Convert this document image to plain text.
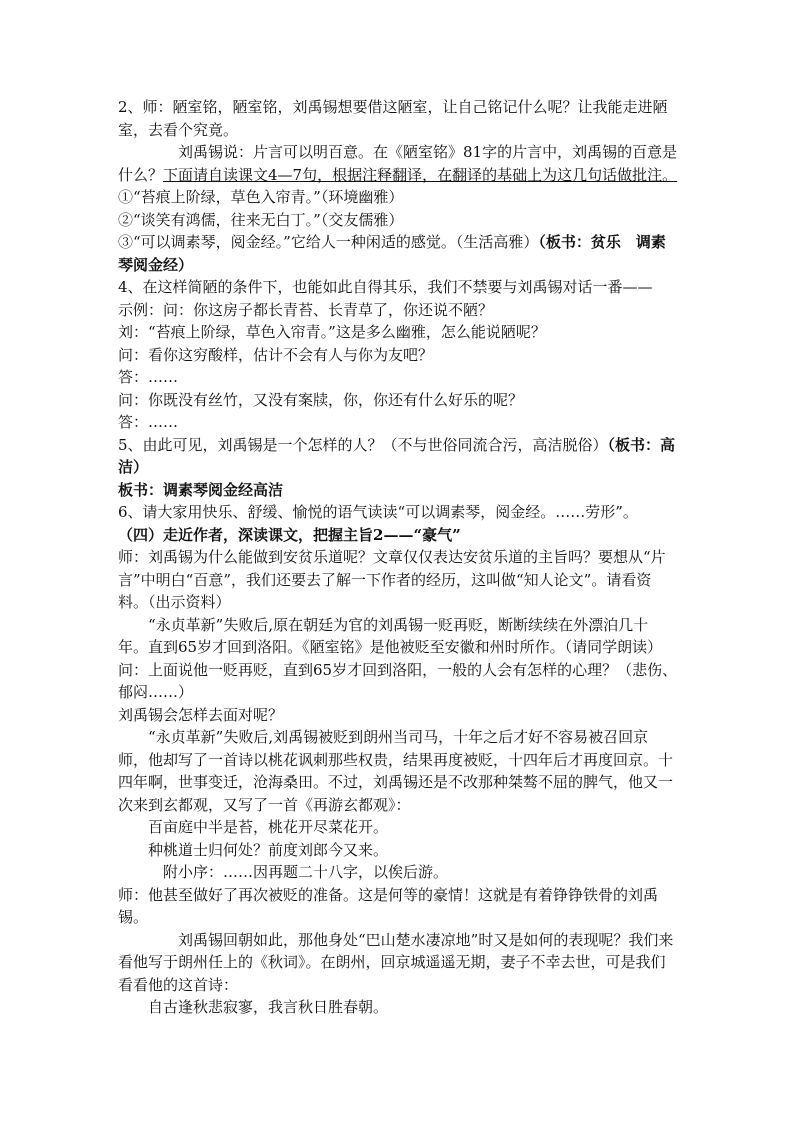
2、师：陋室铭，陋室铭，刘禹锡想要借这陋室，让自己铭记什么呢？让我能走进陋室，去看个究竟。

刘禹锡说：片言可以明百意。在《陋室铭》81字的片言中，刘禹锡的百意是什么？下面请自读课文4—7句，根据注释翻译，在翻译的基础上为这几句话做批注。

①“苔痕上阶绿，草色入帘青。”（环境幽雅）

②“谈笑有鸿儒，往来无白丁。”（交友儒雅）

③“可以调素琴，阅金经。”它给人一种闲适的感觉。（生活高雅）（板书：贫乐　调素琴阅金经）

4、在这样简陋的条件下，也能如此自得其乐，我们不禁要与刘禹锡对话一番——

示例：问：你这房子都长青苔、长青草了，你还说不陋？

刘：“苔痕上阶绿，草色入帘青。”这是多么幽雅，怎么能说陋呢？

问：看你这穷酸样，估计不会有人与你为友吧？

答：……

问：你既没有丝竹，又没有案牍，你，你还有什么好乐的呢？

答：……

5、由此可见，刘禹锡是一个怎样的人？（不与世俗同流合污，高洁脱俗）（板书：高洁）

板书：调素琴阅金经高洁

6、请大家用快乐、舒缓、愉悦的语气读读“可以调素琴，阅金经。……劳形”。

（四）走近作者，深读课文，把握主旨2——“豪气”

师：刘禹锡为什么能做到安贫乐道呢？文章仅仅表达安贫乐道的主旨吗？要想从“片言”中明白“百意”，我们还要去了解一下作者的经历，这叫做“知人论文”。请看资料。（出示资料）

“永贞革新”失败后,原在朝廷为官的刘禹锡一贬再贬，断断续续在外漂泊几十年。直到65岁才回到洛阳。《陋室铭》是他被贬至安徽和州时所作。（请同学朗读）

问：上面说他一贬再贬，直到65岁才回到洛阳，一般的人会有怎样的心理？（悲伤、郁闷……）

刘禹锡会怎样去面对呢？

“永贞革新”失败后,刘禹锡被贬到朗州当司马，十年之后才好不容易被召回京师，他却写了一首诗以桃花讽刺那些权贵，结果再度被贬，十四年后才再度回京。十四年啊，世事变迁，沧海桑田。不过，刘禹锡还是不改那种桀骜不屈的脾气，他又一次来到玄都观，又写了一首《再游玄都观》：

百亩庭中半是苔，桃花开尽菜花开。

种桃道士归何处？前度刘郎今又来。

附小序：……因再题二十八字，以俟后游。

师：他甚至做好了再次被贬的准备。这是何等的豪情！这就是有着铮铮铁骨的刘禹锡。

刘禹锡回朝如此，那他身处“巴山楚水凄凉地”时又是如何的表现呢？我们来看他写于朗州任上的《秋词》。在朗州，回京城遥遥无期，妻子不幸去世，可是我们看看他的这首诗：

自古逢秋悲寂寥，我言秋日胜春朝。
